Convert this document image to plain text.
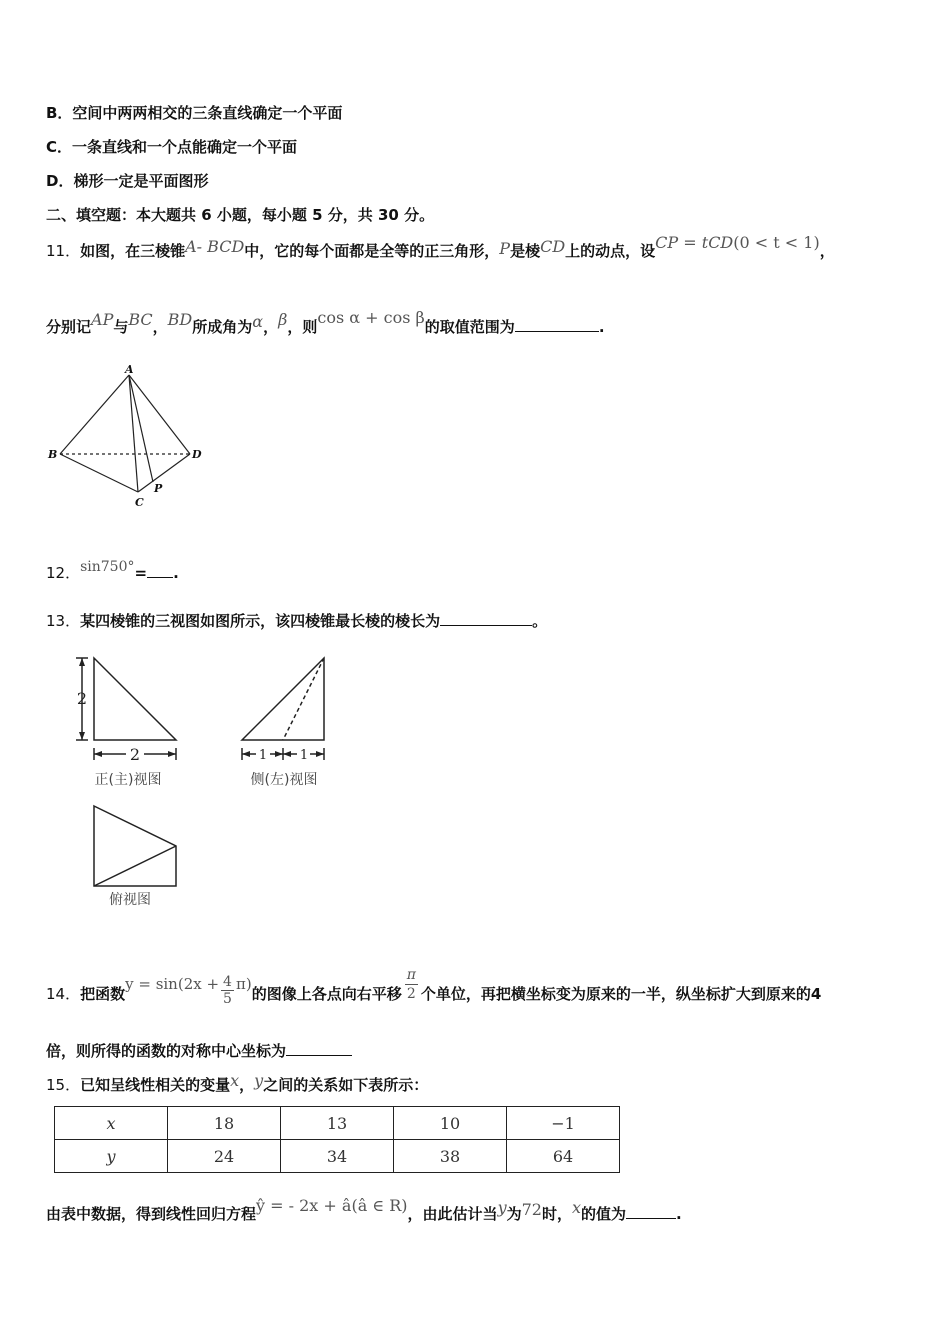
B．空间中两两相交的三条直线确定一个平面
C．一条直线和一个点能确定一个平面
D．梯形一定是平面图形
二、填空题：本大题共 6 小题，每小题 5 分，共 30 分。
11．如图，在三棱锥A- BCD中，它的每个面都是全等的正三角形，P是棱CD上的动点，设CP = tCD(0 < t < 1)，
分别记AP与BC，BD所成角为α，β，则cos α + cos β的取值范围为	.
A
B	D
C
P
12．sin750°= .
13．某四棱锥的三视图如图所示，该四棱锥最长棱的棱长为	。
2
2	1	1
正(主)视图	侧(左)视图
俯视图
14．把函数$y = \sin(2x + \frac{4}{5} \pi)$的图像上各点向右平移 $\frac{\pi}{2}$ 个单位，再把横坐标变为原来的一半，纵坐标扩大到原来的4
倍，则所得的函数的对称中心坐标为
15．已知呈线性相关的变量x，y之间的关系如下表所示：
x	18	13	10	−1
y	24	34	38	64
由表中数据，得到线性回归方程ŷ = - 2x + â(â ∈ R)，由此估计当y为72时，x的值为	.
